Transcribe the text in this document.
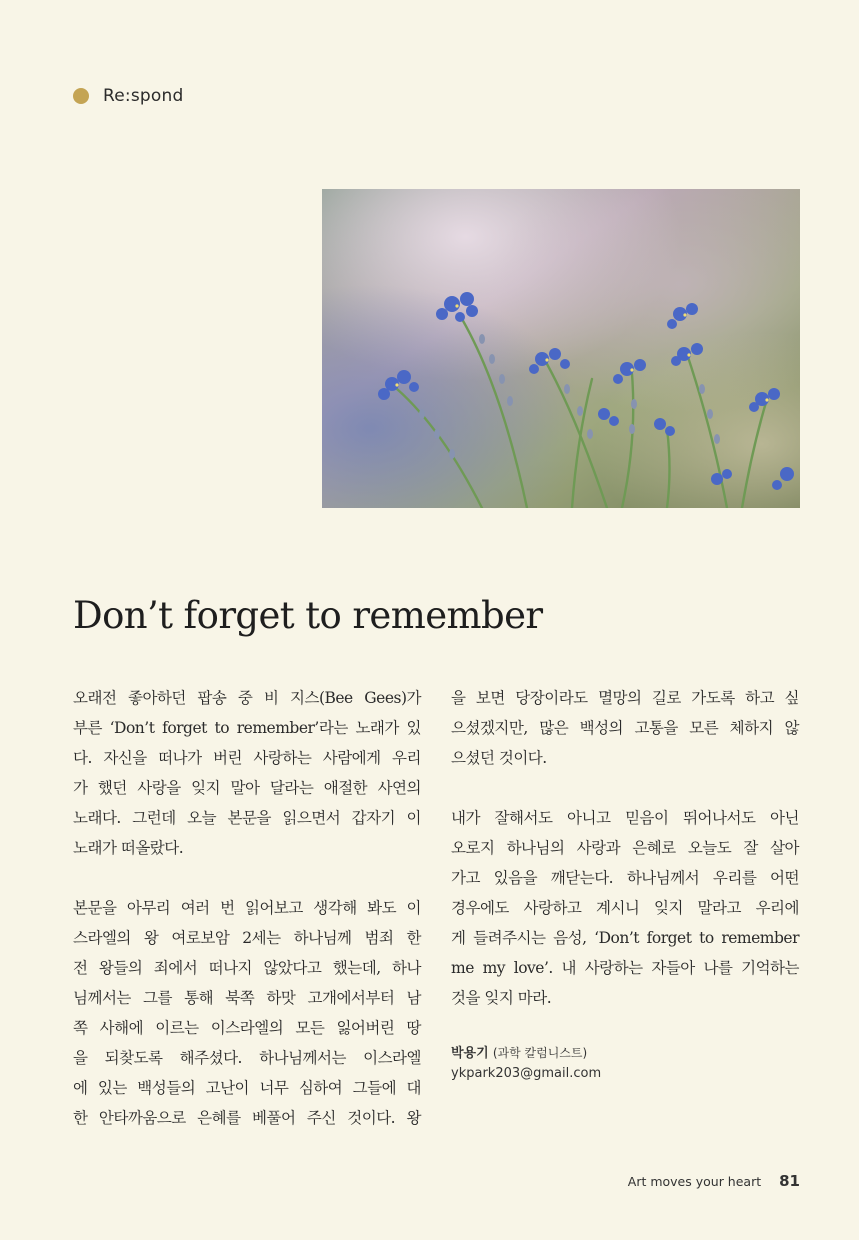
Re:spond
Don’t forget to remember

오래전 좋아하던 팝송 중 비 지스(Bee Gees)가
부른 ‘Don’t forget to remember’라는 노래가 있
다. 자신을 떠나가 버린 사랑하는 사람에게 우리
가 했던 사랑을 잊지 말아 달라는 애절한 사연의
노래다. 그런데 오늘 본문을 읽으면서 갑자기 이
노래가 떠올랐다.

본문을 아무리 여러 번 읽어보고 생각해 봐도 이
스라엘의 왕 여로보암 2세는 하나님께 범죄 한
전 왕들의 죄에서 떠나지 않았다고 했는데, 하나
님께서는 그를 통해 북쪽 하맛 고개에서부터 남
쪽 사해에 이르는 이스라엘의 모든 잃어버린 땅
을 되찾도록 해주셨다. 하나님께서는 이스라엘
에 있는 백성들의 고난이 너무 심하여 그들에 대
한 안타까움으로 은혜를 베풀어 주신 것이다. 왕

을 보면 당장이라도 멸망의 길로 가도록 하고 싶
으셨겠지만, 많은 백성의 고통을 모른 체하지 않
으셨던 것이다.

내가 잘해서도 아니고 믿음이 뛰어나서도 아닌
오로지 하나님의 사랑과 은혜로 오늘도 잘 살아
가고 있음을 깨닫는다. 하나님께서 우리를 어떤
경우에도 사랑하고 계시니 잊지 말라고 우리에
게 들려주시는 음성, ‘Don’t forget to remember
me my love’. 내 사랑하는 자들아 나를 기억하는
것을 잊지 마라.

박용기 (과학 칼럼니스트)
ykpark203@gmail.com
Art moves your heart 81
